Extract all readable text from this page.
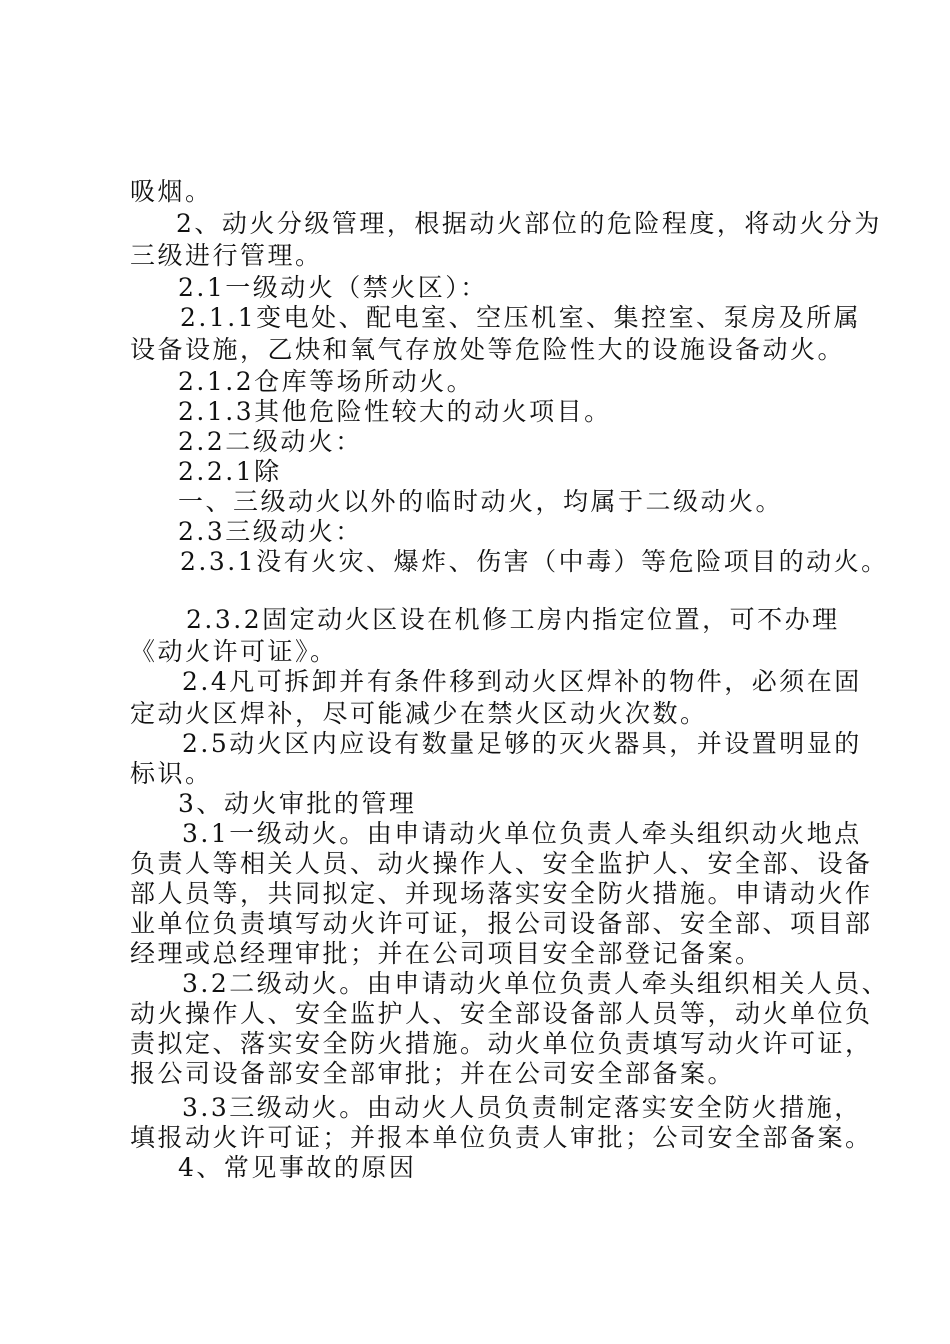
吸烟。
2、动火分级管理，根据动火部位的危险程度，将动火分为
三级进行管理。
2.1一级动火（禁火区）：
2.1.1变电处、配电室、空压机室、集控室、泵房及所属
设备设施，乙炔和氧气存放处等危险性大的设施设备动火。
2.1.2仓库等场所动火。
2.1.3其他危险性较大的动火项目。
2.2二级动火：
2.2.1除
一、三级动火以外的临时动火，均属于二级动火。
2.3三级动火：
2.3.1没有火灾、爆炸、伤害（中毒）等危险项目的动火。
2.3.2固定动火区设在机修工房内指定位置，可不办理
《动火许可证》。
2.4凡可拆卸并有条件移到动火区焊补的物件，必须在固
定动火区焊补，尽可能减少在禁火区动火次数。
2.5动火区内应设有数量足够的灭火器具，并设置明显的
标识。
3、动火审批的管理
3.1一级动火。由申请动火单位负责人牵头组织动火地点
负责人等相关人员、动火操作人、安全监护人、安全部、设备
部人员等，共同拟定、并现场落实安全防火措施。申请动火作
业单位负责填写动火许可证，报公司设备部、安全部、项目部
经理或总经理审批；并在公司项目安全部登记备案。
3.2二级动火。由申请动火单位负责人牵头组织相关人员、
动火操作人、安全监护人、安全部设备部人员等，动火单位负
责拟定、落实安全防火措施。动火单位负责填写动火许可证，
报公司设备部安全部审批；并在公司安全部备案。
3.3三级动火。由动火人员负责制定落实安全防火措施，
填报动火许可证；并报本单位负责人审批；公司安全部备案。
4、常见事故的原因
